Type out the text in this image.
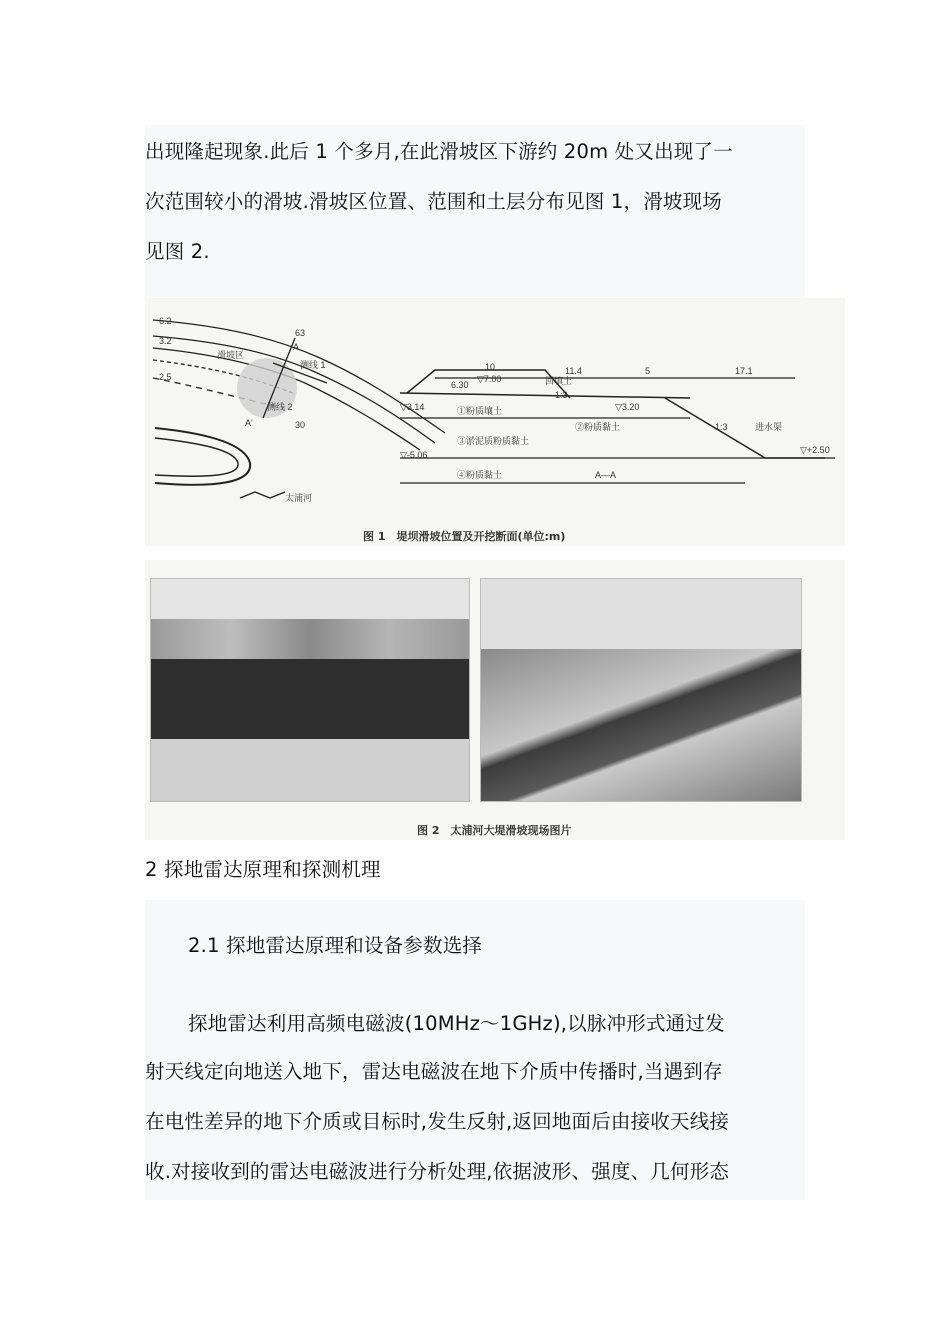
出现隆起现象.此后 1 个多月,在此滑坡区下游约 20m 处又出现了一
次范围较小的滑坡.滑坡区位置、范围和土层分布见图 1，滑坡现场
见图 2.
6.2
3.2
2.5
63
A
A'
滑坡区
测线 1
测线 2
30
太浦河
10	11.4	5	17.1
6.30
▽7.00	回填土
1:3
▽3.14	①粉质壤土	▽3.20
②粉质黏土	1:3	进水渠
③淤泥质粉质黏土
▽+2.50
▽-5.06
④粉质黏土	A—A
图 1　堤坝滑坡位置及开挖断面(单位:m)
图 2　太浦河大堤滑坡现场图片
2 探地雷达原理和探测机理
2.1 探地雷达原理和设备参数选择
探地雷达利用高频电磁波(10MHz～1GHz),以脉冲形式通过发
射天线定向地送入地下，雷达电磁波在地下介质中传播时,当遇到存
在电性差异的地下介质或目标时,发生反射,返回地面后由接收天线接
收.对接收到的雷达电磁波进行分析处理,依据波形、强度、几何形态
